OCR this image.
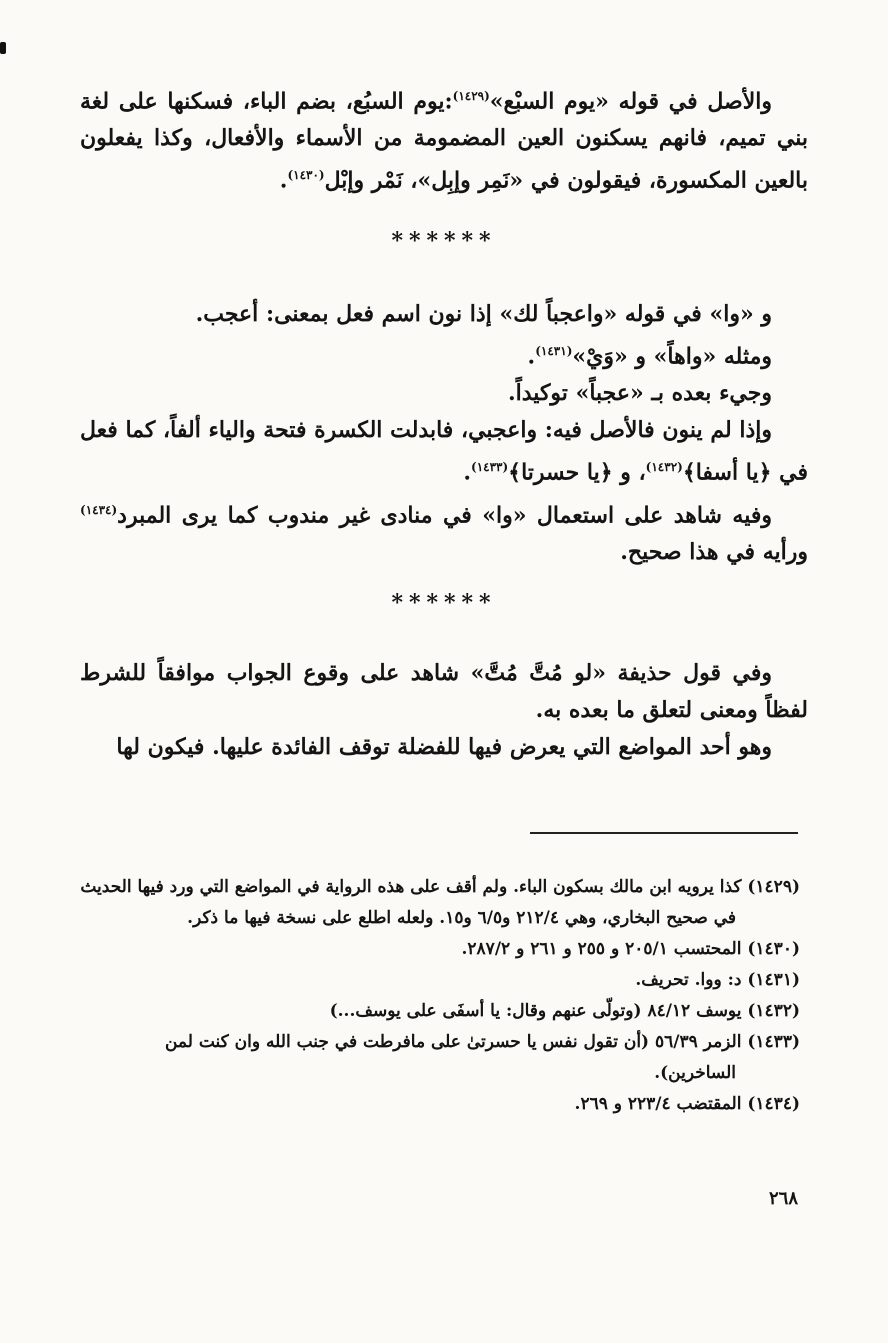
والأصل في قوله «يوم السبْع»$^{(١٤٢٩)}$:يوم السبُع، بضم الباء، فسكنها على لغة بني تميم، فانهم يسكنون العين المضمومة من الأسماء والأفعال، وكذا يفعلون بالعين المكسورة، فيقولون في «نَمِر وإبِل»، نَمْر وإبْل$^{(١٤٣٠)}$.

******

و «وا» في قوله «واعجباً لك» إذا نون اسم فعل بمعنى: أعجب.

ومثله «واهاً» و «وَيْ»$^{(١٤٣١)}$.

وجيء بعده بـ «عجباً» توكيداً.

وإذا لم ينون فالأصل فيه: واعجبي، فابدلت الكسرة فتحة والياء ألفاً، كما فعل في ﴿يا أسفا﴾$^{(١٤٣٢)}$، و ﴿يا حسرتا﴾$^{(١٤٣٣)}$.

وفيه شاهد على استعمال «وا» في منادى غير مندوب كما يرى المبرد$^{(١٤٣٤)}$ ورأيه في هذا صحيح.

******

وفي قول حذيفة «لو مُتَّ مُتَّ» شاهد على وقوع الجواب موافقاً للشرط لفظاً ومعنى لتعلق ما بعده به.

وهو أحد المواضع التي يعرض فيها للفضلة توقف الفائدة عليها. فيكون لها

(١٤٢٩) كذا يرويه ابن مالك بسكون الباء. ولم أقف على هذه الرواية في المواضع التي ورد فيها الحديث في صحيح البخاري، وهي ٢١٢/٤ و٦/٥ و١٥. ولعله اطلع على نسخة فيها ما ذكر.

(١٤٣٠) المحتسب ٢٠٥/١ و ٢٥٥ و ٢٦١ و ٢٨٧/٢.

(١٤٣١) د: ووا. تحريف.

(١٤٣٢) يوسف ٨٤/١٢ (وتولّى عنهم وقال: يا أسفَى على يوسف...)

(١٤٣٣) الزمر ٥٦/٣٩ (أن تقول نفس يا حسرتىٰ على مافرطت في جنب الله وان كنت لمن الساخرين).

(١٤٣٤) المقتضب ٢٢٣/٤ و ٢٦٩.

٢٦٨
